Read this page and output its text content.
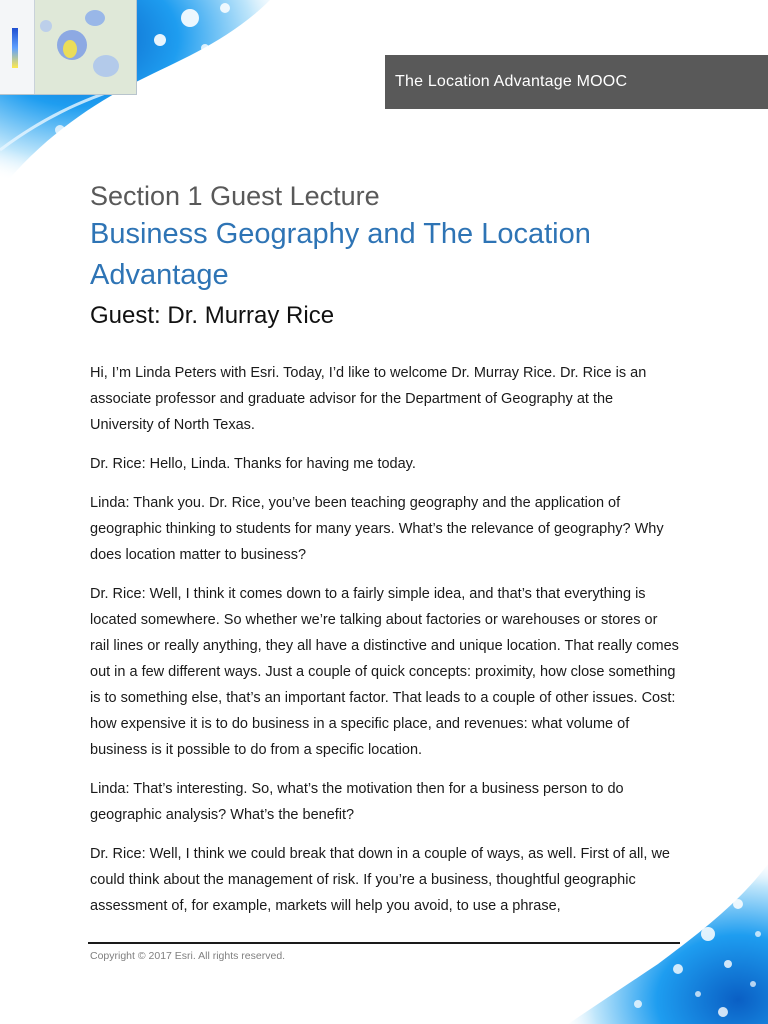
The Location Advantage MOOC

Section 1 Guest Lecture

Business Geography and The Location Advantage
Guest: Dr. Murray Rice

Hi, I’m Linda Peters with Esri. Today, I’d like to welcome Dr. Murray Rice. Dr. Rice is an associate professor and graduate advisor for the Department of Geography at the University of North Texas.

Dr. Rice: Hello, Linda. Thanks for having me today.

Linda: Thank you. Dr. Rice, you’ve been teaching geography and the application of geographic thinking to students for many years. What’s the relevance of geography? Why does location matter to business?

Dr. Rice: Well, I think it comes down to a fairly simple idea, and that’s that everything is located somewhere. So whether we’re talking about factories or warehouses or stores or rail lines or really anything, they all have a distinctive and unique location. That really comes out in a few different ways. Just a couple of quick concepts: proximity, how close something is to something else, that’s an important factor. That leads to a couple of other issues. Cost: how expensive it is to do business in a specific place, and revenues: what volume of business is it possible to do from a specific location.

Linda: That’s interesting. So, what’s the motivation then for a business person to do geographic analysis? What’s the benefit?

Dr. Rice: Well, I think we could break that down in a couple of ways, as well. First of all, we could think about the management of risk. If you’re a business, thoughtful geographic assessment of, for example, markets will help you avoid, to use a phrase,

Copyright © 2017 Esri. All rights reserved.
